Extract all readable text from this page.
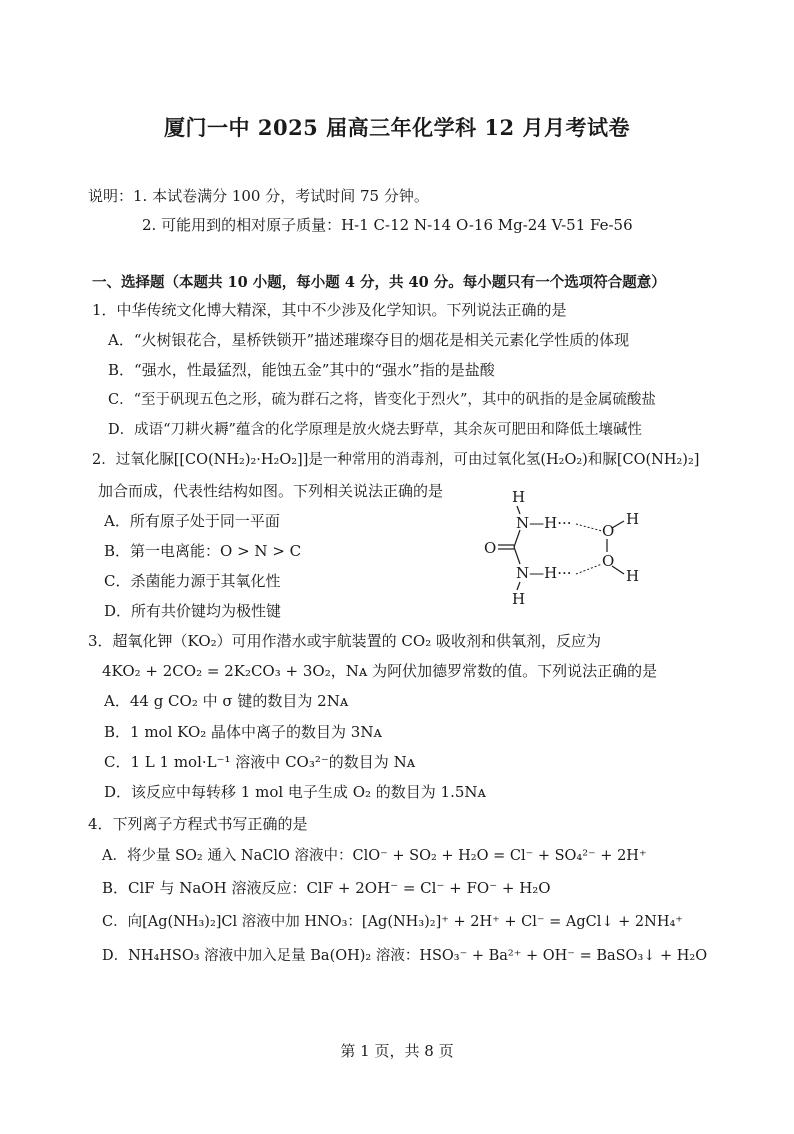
厦门一中 2025 届高三年化学科 12 月月考试卷
说明：1. 本试卷满分 100 分，考试时间 75 分钟。
2. 可能用到的相对原子质量：H-1 C-12 N-14 O-16 Mg-24 V-51 Fe-56
一、选择题（本题共 10 小题，每小题 4 分，共 40 分。每小题只有一个选项符合题意）
1．中华传统文化博大精深，其中不少涉及化学知识。下列说法正确的是
A．“火树银花合，星桥铁锁开”描述璀璨夺目的烟花是相关元素化学性质的体现
B．“强水，性最猛烈，能蚀五金”其中的“强水”指的是盐酸
C．“至于矾现五色之形，硫为群石之将，皆变化于烈火”，其中的矾指的是金属硫酸盐
D．成语“刀耕火耨”蕴含的化学原理是放火烧去野草，其余灰可肥田和降低土壤碱性
2．过氧化脲[[CO(NH₂)₂·H₂O₂]]是一种常用的消毒剂，可由过氧化氢(H₂O₂)和脲[CO(NH₂)₂]
加合而成，代表性结构如图。下列相关说法正确的是
A．所有原子处于同一平面
B．第一电离能：O > N > C
C．杀菌能力源于其氧化性
D．所有共价键均为极性键
H
N—H··· O
H
O
O
H
N—H···
H
3．超氧化钾（KO₂）可用作潜水或宇航装置的 CO₂ 吸收剂和供氧剂，反应为
4KO₂ + 2CO₂ = 2K₂CO₃ + 3O₂，Nᴀ 为阿伏加德罗常数的值。下列说法正确的是
A．44 g CO₂ 中 σ 键的数目为 2Nᴀ
B．1 mol KO₂ 晶体中离子的数目为 3Nᴀ
C．1 L 1 mol·L⁻¹ 溶液中 CO₃²⁻的数目为 Nᴀ
D．该反应中每转移 1 mol 电子生成 O₂ 的数目为 1.5Nᴀ
4．下列离子方程式书写正确的是
A．将少量 SO₂ 通入 NaClO 溶液中：ClO⁻ + SO₂ + H₂O = Cl⁻ + SO₄²⁻ + 2H⁺
B．ClF 与 NaOH 溶液反应：ClF + 2OH⁻ = Cl⁻ + FO⁻ + H₂O
C．向[Ag(NH₃)₂]Cl 溶液中加 HNO₃：[Ag(NH₃)₂]⁺ + 2H⁺ + Cl⁻ = AgCl↓ + 2NH₄⁺
D．NH₄HSO₃ 溶液中加入足量 Ba(OH)₂ 溶液：HSO₃⁻ + Ba²⁺ + OH⁻ = BaSO₃↓ + H₂O
第 1 页，共 8 页
